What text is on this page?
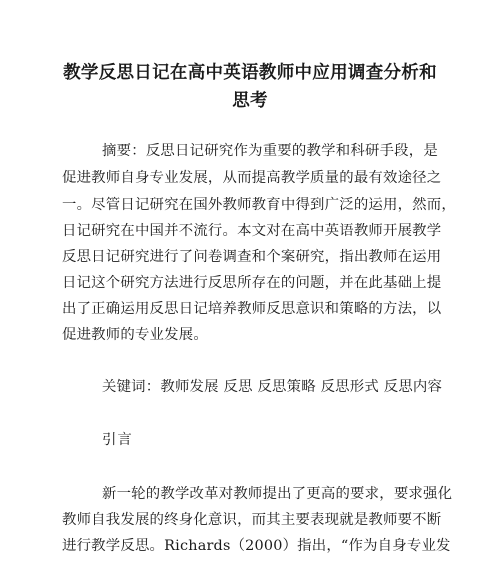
教学反思日记在高中英语教师中应用调查分析和
思考
摘要：反思日记研究作为重要的教学和科研手段，是
促进教师自身专业发展，从而提高教学质量的最有效途径之
一。尽管日记研究在国外教师教育中得到广泛的运用，然而，
日记研究在中国并不流行。本文对在高中英语教师开展教学
反思日记研究进行了问卷调查和个案研究，指出教师在运用
日记这个研究方法进行反思所存在的问题，并在此基础上提
出了正确运用反思日记培养教师反思意识和策略的方法，以
促进教师的专业发展。
关键词：教师发展 反思 反思策略 反思形式 反思内容
引言
新一轮的教学改革对教师提出了更高的要求，要求强化
教师自我发展的终身化意识，而其主要表现就是教师要不断
进行教学反思。Richards（2000）指出，“作为自身专业发
